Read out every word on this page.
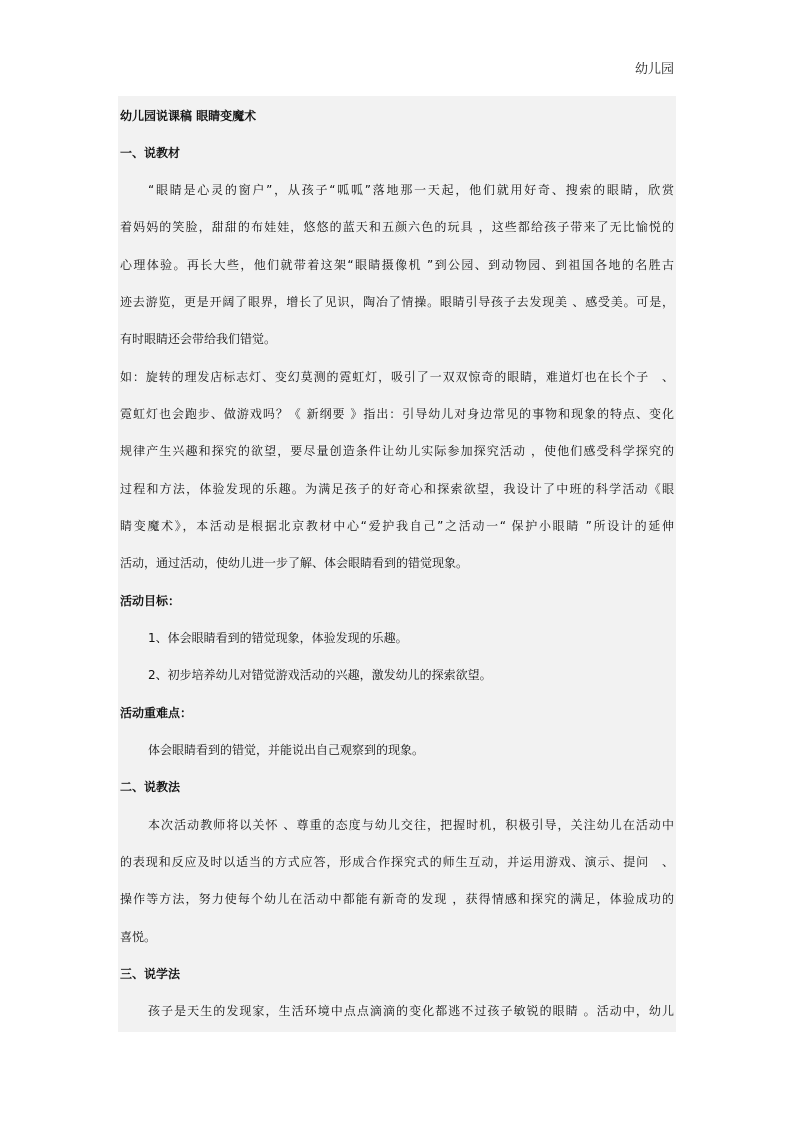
幼儿园
幼儿园说课稿 眼睛变魔术
一、说教材
“眼睛是心灵的窗户”，从孩子“呱呱”落地那一天起，他们就用好奇、搜索的眼睛，欣赏
着妈妈的笑脸，甜甜的布娃娃，悠悠的蓝天和五颜六色的玩具 ，这些都给孩子带来了无比愉悦的
心理体验。再长大些，他们就带着这架“眼睛摄像机 ”到公园、到动物园、到祖国各地的名胜古
迹去游览，更是开阔了眼界，增长了见识，陶冶了情操。眼睛引导孩子去发现美 、感受美。可是，
有时眼睛还会带给我们错觉。
如：旋转的理发店标志灯、变幻莫测的霓虹灯，吸引了一双双惊奇的眼睛，难道灯也在长个子　、
霓虹灯也会跑步、做游戏吗？《 新纲要 》指出：引导幼儿对身边常见的事物和现象的特点、变化
规律产生兴趣和探究的欲望，要尽量创造条件让幼儿实际参加探究活动 ，使他们感受科学探究的
过程和方法，体验发现的乐趣。为满足孩子的好奇心和探索欲望，我设计了中班的科学活动《眼
睛变魔术》，本活动是根据北京教材中心“爱护我自己”之活动一“ 保护小眼睛 ”所设计的延伸
活动，通过活动，使幼儿进一步了解、体会眼睛看到的错觉现象。
活动目标：
1、体会眼睛看到的错觉现象，体验发现的乐趣。
2、初步培养幼儿对错觉游戏活动的兴趣，激发幼儿的探索欲望。
活动重难点：
体会眼睛看到的错觉，并能说出自己观察到的现象。
二、说教法
本次活动教师将以关怀 、尊重的态度与幼儿交往，把握时机，积极引导，关注幼儿在活动中
的表现和反应及时以适当的方式应答，形成合作探究式的师生互动，并运用游戏、演示、提问　、
操作等方法，努力使每个幼儿在活动中都能有新奇的发现 ，获得情感和探究的满足，体验成功的
喜悦。
三、说学法
孩子是天生的发现家，生活环境中点点滴滴的变化都逃不过孩子敏锐的眼睛 。活动中，幼儿
